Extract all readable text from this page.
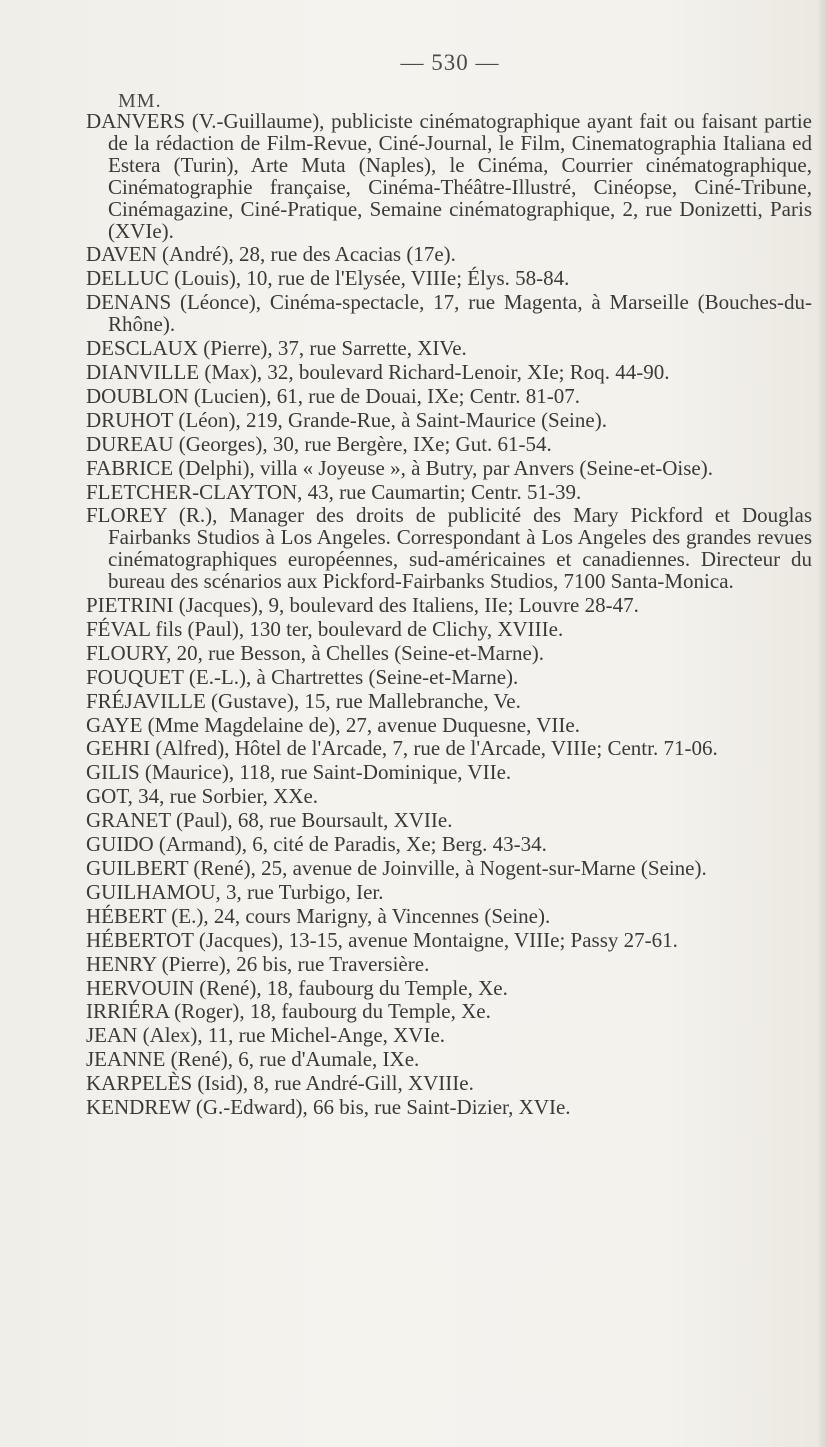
— 530 —
MM.

DANVERS (V.-Guillaume), publiciste cinématographique ayant fait ou faisant partie de la rédaction de Film-Revue, Ciné-Journal, le Film, Cinematographia Italiana ed Estera (Turin), Arte Muta (Naples), le Cinéma, Courrier cinématographique, Cinématographie française, Cinéma-Théâtre-Illustré, Cinéopse, Ciné-Tribune, Cinémagazine, Ciné-Pratique, Semaine cinématographique, 2, rue Donizetti, Paris (XVIe).

DAVEN (André), 28, rue des Acacias (17e).

DELLUC (Louis), 10, rue de l'Elysée, VIIIe; Élys. 58-84.

DENANS (Léonce), Cinéma-spectacle, 17, rue Magenta, à Marseille (Bouches-du-Rhône).

DESCLAUX (Pierre), 37, rue Sarrette, XIVe.

DIANVILLE (Max), 32, boulevard Richard-Lenoir, XIe; Roq. 44-90.

DOUBLON (Lucien), 61, rue de Douai, IXe; Centr. 81-07.

DRUHOT (Léon), 219, Grande-Rue, à Saint-Maurice (Seine).

DUREAU (Georges), 30, rue Bergère, IXe; Gut. 61-54.

FABRICE (Delphi), villa « Joyeuse », à Butry, par Anvers (Seine-et-Oise).

FLETCHER-CLAYTON, 43, rue Caumartin; Centr. 51-39.

FLOREY (R.), Manager des droits de publicité des Mary Pickford et Douglas Fairbanks Studios à Los Angeles. Correspondant à Los Angeles des grandes revues cinématographiques européennes, sud-américaines et canadiennes. Directeur du bureau des scénarios aux Pickford-Fairbanks Studios, 7100 Santa-Monica.

PIETRINI (Jacques), 9, boulevard des Italiens, IIe; Louvre 28-47.

FÉVAL fils (Paul), 130 ter, boulevard de Clichy, XVIIIe.

FLOURY, 20, rue Besson, à Chelles (Seine-et-Marne).

FOUQUET (E.-L.), à Chartrettes (Seine-et-Marne).

FRÉJAVILLE (Gustave), 15, rue Mallebranche, Ve.

GAYE (Mme Magdelaine de), 27, avenue Duquesne, VIIe.

GEHRI (Alfred), Hôtel de l'Arcade, 7, rue de l'Arcade, VIIIe; Centr. 71-06.

GILIS (Maurice), 118, rue Saint-Dominique, VIIe.

GOT, 34, rue Sorbier, XXe.

GRANET (Paul), 68, rue Boursault, XVIIe.

GUIDO (Armand), 6, cité de Paradis, Xe; Berg. 43-34.

GUILBERT (René), 25, avenue de Joinville, à Nogent-sur-Marne (Seine).

GUILHAMOU, 3, rue Turbigo, Ier.

HÉBERT (E.), 24, cours Marigny, à Vincennes (Seine).

HÉBERTOT (Jacques), 13-15, avenue Montaigne, VIIIe; Passy 27-61.

HENRY (Pierre), 26 bis, rue Traversière.

HERVOUIN (René), 18, faubourg du Temple, Xe.

IRRIÉRA (Roger), 18, faubourg du Temple, Xe.

JEAN (Alex), 11, rue Michel-Ange, XVIe.

JEANNE (René), 6, rue d'Aumale, IXe.

KARPELÈS (Isid), 8, rue André-Gill, XVIIIe.

KENDREW (G.-Edward), 66 bis, rue Saint-Dizier, XVIe.
